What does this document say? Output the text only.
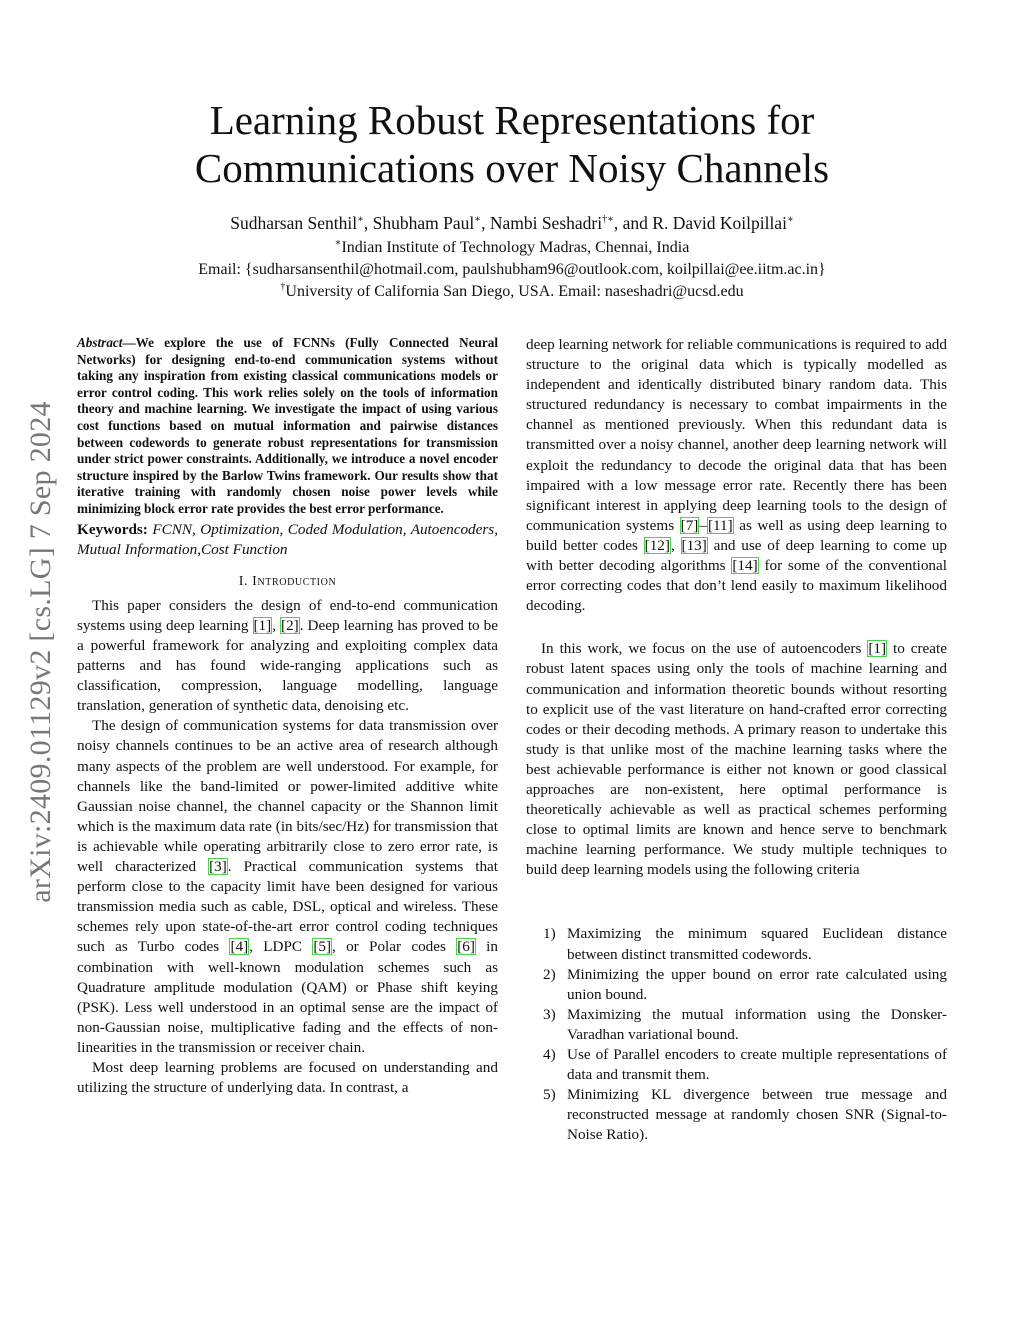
arXiv:2409.01129v2 [cs.LG] 7 Sep 2024
Learning Robust Representations for
Communications over Noisy Channels
Sudharsan Senthil∗, Shubham Paul∗, Nambi Seshadri†∗, and R. David Koilpillai∗
∗Indian Institute of Technology Madras, Chennai, India
Email: {sudharsansenthil@hotmail.com, paulshubham96@outlook.com, koilpillai@ee.iitm.ac.in}
†University of California San Diego, USA. Email: naseshadri@ucsd.edu

Abstract—We explore the use of FCNNs (Fully Connected Neural Networks) for designing end-to-end communication systems without taking any inspiration from existing classical communications models or error control coding. This work relies solely on the tools of information theory and machine learning. We investigate the impact of using various cost functions based on mutual information and pairwise distances between codewords to generate robust representations for transmission under strict power constraints. Additionally, we introduce a novel encoder structure inspired by the Barlow Twins framework. Our results show that iterative training with randomly chosen noise power levels while minimizing block error rate provides the best error performance.

Keywords: FCNN, Optimization, Coded Modulation, Autoencoders, Mutual Information,Cost Function

I. Introduction

This paper considers the design of end-to-end communication systems using deep learning [1], [2]. Deep learning has proved to be a powerful framework for analyzing and exploiting complex data patterns and has found wide-ranging applications such as classification, compression, language modelling, language translation, generation of synthetic data, denoising etc.

The design of communication systems for data transmission over noisy channels continues to be an active area of research although many aspects of the problem are well understood. For example, for channels like the band-limited or power-limited additive white Gaussian noise channel, the channel capacity or the Shannon limit which is the maximum data rate (in bits/sec/Hz) for transmission that is achievable while operating arbitrarily close to zero error rate, is well characterized [3]. Practical communication systems that perform close to the capacity limit have been designed for various transmission media such as cable, DSL, optical and wireless. These schemes rely upon state-of-the-art error control coding techniques such as Turbo codes [4], LDPC [5], or Polar codes [6] in combination with well-known modulation schemes such as Quadrature amplitude modulation (QAM) or Phase shift keying (PSK). Less well understood in an optimal sense are the impact of non-Gaussian noise, multiplicative fading and the effects of non-linearities in the transmission or receiver chain.

Most deep learning problems are focused on understanding and utilizing the structure of underlying data. In contrast, a

deep learning network for reliable communications is required to add structure to the original data which is typically modelled as independent and identically distributed binary random data. This structured redundancy is necessary to combat impairments in the channel as mentioned previously. When this redundant data is transmitted over a noisy channel, another deep learning network will exploit the redundancy to decode the original data that has been impaired with a low message error rate. Recently there has been significant interest in applying deep learning tools to the design of communication systems [7]–[11] as well as using deep learning to build better codes [12], [13] and use of deep learning to come up with better decoding algorithms [14] for some of the conventional error correcting codes that don’t lend easily to maximum likelihood decoding.

In this work, we focus on the use of autoencoders [1] to create robust latent spaces using only the tools of machine learning and communication and information theoretic bounds without resorting to explicit use of the vast literature on hand-crafted error correcting codes or their decoding methods. A primary reason to undertake this study is that unlike most of the machine learning tasks where the best achievable performance is either not known or good classical approaches are non-existent, here optimal performance is theoretically achievable as well as practical schemes performing close to optimal limits are known and hence serve to benchmark machine learning performance. We study multiple techniques to build deep learning models using the following criteria

1) Maximizing the minimum squared Euclidean distance between distinct transmitted codewords.
2) Minimizing the upper bound on error rate calculated using union bound.
3) Maximizing the mutual information using the Donsker-Varadhan variational bound.
4) Use of Parallel encoders to create multiple representations of data and transmit them.
5) Minimizing KL divergence between true message and reconstructed message at randomly chosen SNR (Signal-to-Noise Ratio).
